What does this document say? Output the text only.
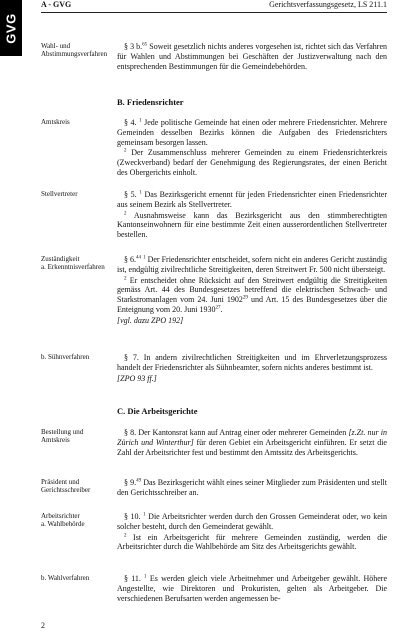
GVG
A - GVG	Gerichtsverfassungsgesetz, LS 211.1
Wahl- und Abstimmungsverfahren

§ 3 b.$^{65}$ Soweit gesetzlich nichts anderes vorgesehen ist, richtet sich das Verfahren für Wahlen und Abstimmungen bei Geschäften der Justizverwaltung nach den entsprechenden Bestimmungen für die Gemeindebehörden.

B. Friedensrichter
Amtskreis	§ 4. $^1$ Jede politische Gemeinde hat einen oder mehrere Friedensrichter. Mehrere Gemeinden desselben Bezirks können die Aufgaben des Friedensrichters gemeinsam besorgen lassen.

$^2$ Der Zusammenschluss mehrerer Gemeinden zu einem Friedensrichterkreis (Zweckverband) bedarf der Genehmigung des Regierungsrates, der einen Bericht des Obergerichts einholt.

Stellvertreter	§ 5. $^1$ Das Bezirksgericht ernennt für jeden Friedensrichter einen Friedensrichter aus seinem Bezirk als Stellvertreter.

$^2$ Ausnahmsweise kann das Bezirksgericht aus den stimmberechtigten Kantonseinwohnern für eine bestimmte Zeit einen ausserordentlichen Stellvertreter bestellen.

Zuständigkeit
a. Erkenntnisverfahren

§ 6.44 $^1$ Der Friedensrichter entscheidet, sofern nicht ein anderes Gericht zuständig ist, endgültig zivilrechtliche Streitigkeiten, deren Streitwert Fr. 500 nicht übersteigt.

$^2$ Er entscheidet ohne Rücksicht auf den Streitwert endgültig die Streitigkeiten gemäss Art. 44 des Bundesgesetzes betreffend die elektrischen Schwach- und Starkstromanlagen vom 24. Juni 1902$^{29}$ und Art. 15 des Bundesgesetzes über die Enteignung vom 20. Juni 1930$^{27}$.

[vgl. dazu ZPO 192]

b. Sühnverfahren	§ 7. In andern zivilrechtlichen Streitigkeiten und im Ehrverletzungsprozess handelt der Friedensrichter als Sühnbeamter, sofern nichts anderes bestimmt ist.

[ZPO 93 ff.]

C. Die Arbeitsgerichte
Bestellung und Amtskreis

§ 8. Der Kantonsrat kann auf Antrag einer oder mehrerer Gemeinden [z.Zt. nur in Zürich und Winterthur] für deren Gebiet ein Arbeitsgericht einführen. Er setzt die Zahl der Arbeitsrichter fest und bestimmt den Amtssitz des Arbeitsgerichts.

Präsident und Gerichtsschreiber

§ 9.49 Das Bezirksgericht wählt eines seiner Mitglieder zum Präsidenten und stellt den Gerichtsschreiber an.

Arbeitsrichter
a. Wahlbehörde

§ 10. $^1$ Die Arbeitsrichter werden durch den Grossen Gemeinderat oder, wo kein solcher besteht, durch den Gemeinderat gewählt.

$^2$ Ist ein Arbeitsgericht für mehrere Gemeinden zuständig, werden die Arbeitsrichter durch die Wahlbehörde am Sitz des Arbeitsgerichts gewählt.

b. Wahlverfahren	§ 11. $^1$ Es werden gleich viele Arbeitnehmer und Arbeitgeber gewählt. Höhere Angestellte, wie Direktoren und Prokuristen, gelten als Arbeitgeber. Die verschiedenen Berufsarten werden angemessen be-

2
